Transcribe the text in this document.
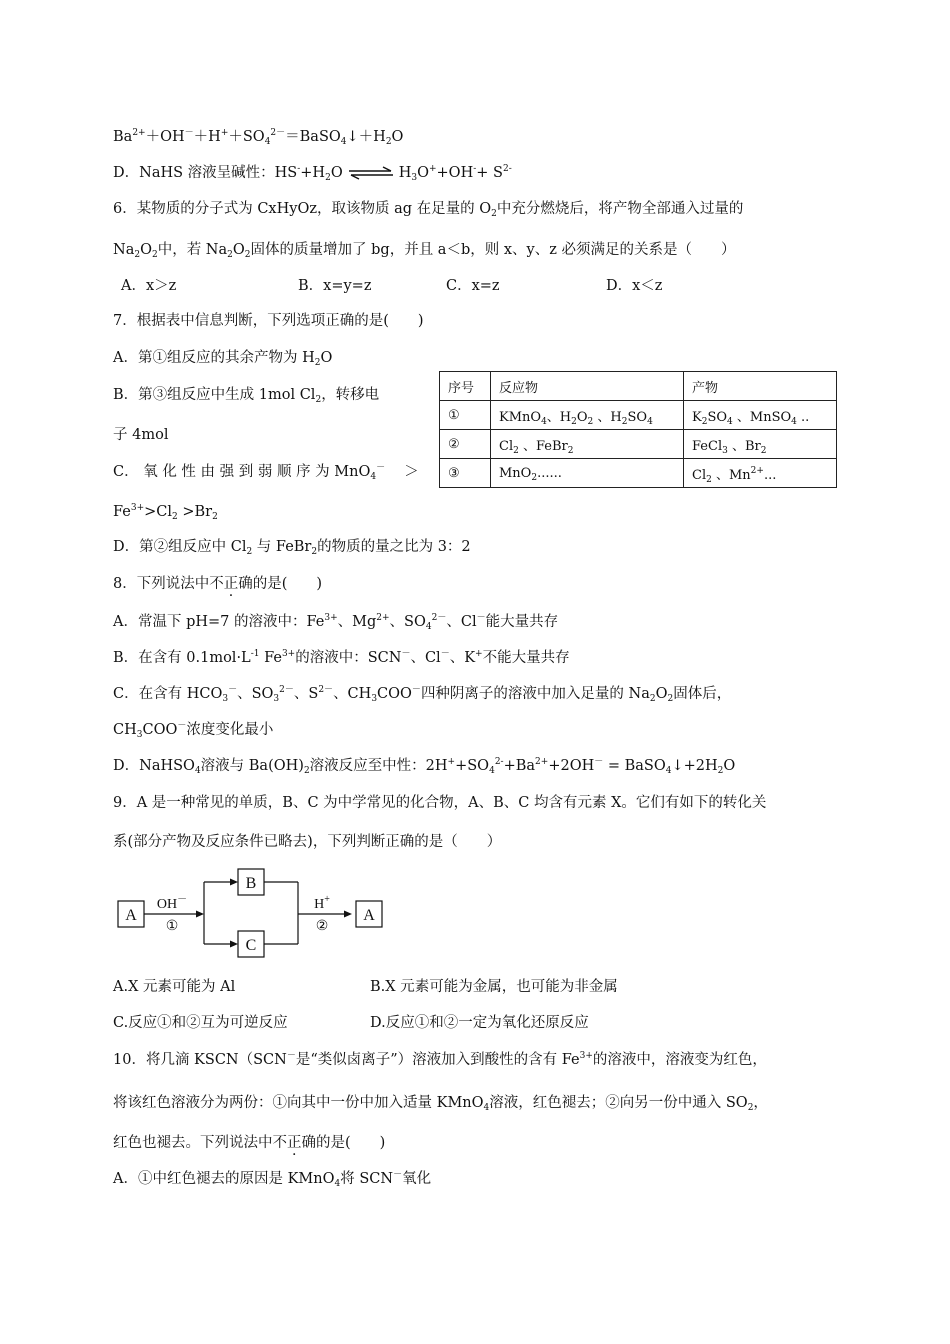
$Ba^{2+}+OH^-+H^++SO_4^{2-}=BaSO_4↓+H_2O$
D．NaHS 溶液呈碱性：$HS^-+H_2O$ ⇌ $H_3O^++OH^-+ S^{2-}$
6．某物质的分子式为 CxHyOz，取该物质 ag 在足量的 $O_2$中充分燃烧后，将产物全部通入过量的
$Na_2O_2$中，若 $Na_2O_2$固体的质量增加了 bg，并且 a＜b，则 x、y、z 必须满足的关系是（　　）
A．x＞z	B．x=y=z	C．x=z	D．x＜z
7．根据表中信息判断，下列选项正确的是(　　)
A．第①组反应的其余产物为 $H_2O$
B．第③组反应中生成 1mol $Cl_2$，转移电
子 4mol
C． 氧 化 性 由 强 到 弱 顺 序 为 MnO$_4$－ 　＞
$Fe^{3+}>Cl_2 >Br_2$
D．第②组反应中 $Cl_2$ 与 FeBr$_2$的物质的量之比为 3：2
序号	反应物	产物
①	KMnO$_4$、$H_2O_2$ 、$H_2SO_4$	$K_2SO_4$ 、MnSO$_4$ ..
②	$Cl_2$ 、FeBr$_2$	FeCl$_3$ 、$Br_2$
③	MnO$_2$......	$Cl_2$ 、$Mn^{2+}$...
8．下列说法中不正确的是(　　)
A．常温下 pH=7 的溶液中：$Fe^{3+}$、$Mg^{2+}$、$SO_4^{2-}$、Cl－能大量共存
B．在含有 $0.1mol\cdot L^{-1}$ $Fe^{3+}$的溶液中：SCN－、Cl－、K+不能大量共存
C．在含有 $HCO_3^-$、$SO_3^{2-}$、$S^{2-}$、$CH_3COO^-$四种阴离子的溶液中加入足量的 $Na_2O_2$固体后，
$CH_3COO^-$浓度变化最小
D．NaHSO$_4$溶液与 $Ba(OH)_2$溶液反应至中性：$2H^++SO_4^{2-}+Ba^{2+}+2OH^-$ = $BaSO_4↓+2H_2O$
9．A 是一种常见的单质，B、C 为中学常见的化合物，A、B、C 均含有元素 X。它们有如下的转化关
系(部分产物及反应条件已略去)，下列判断正确的是（　　）
A
OH－
①
B
C
H+
②
A
A.X 元素可能为 Al	B.X 元素可能为金属，也可能为非金属
C.反应①和②互为可逆反应	D.反应①和②一定为氧化还原反应
10．将几滴 KSCN（SCN－是“类似卤离子”）溶液加入到酸性的含有 $Fe^{3+}$的溶液中，溶液变为红色，
将该红色溶液分为两份：①向其中一份中加入适量 KMnO$_4$溶液，红色褪去；②向另一份中通入 $SO_2$，
红色也褪去。下列说法中不正确的是(　　)
A．①中红色褪去的原因是 KMnO$_4$将 SCN－氧化
